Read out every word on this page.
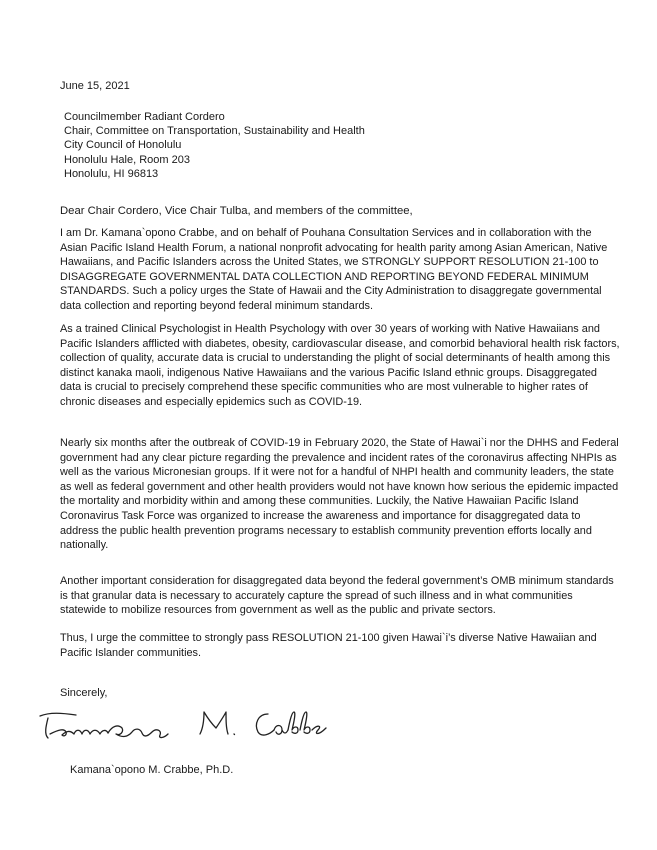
June 15, 2021
Councilmember Radiant Cordero
Chair, Committee on Transportation, Sustainability and Health
City Council of Honolulu
Honolulu Hale, Room 203
Honolulu, HI 96813
Dear Chair Cordero, Vice Chair Tulba, and members of the committee,

I am Dr. Kamana`opono Crabbe, and on behalf of Pouhana Consultation Services and in collaboration with the Asian Pacific Island Health Forum, a national nonprofit advocating for health parity among Asian American, Native Hawaiians, and Pacific Islanders across the United States, we STRONGLY SUPPORT RESOLUTION 21-100 to DISAGGREGATE GOVERNMENTAL DATA COLLECTION AND REPORTING BEYOND FEDERAL MINIMUM STANDARDS. Such a policy urges the State of Hawaii and the City Administration to disaggregate governmental data collection and reporting beyond federal minimum standards.

As a trained Clinical Psychologist in Health Psychology with over 30 years of working with Native Hawaiians and Pacific Islanders afflicted with diabetes, obesity, cardiovascular disease, and comorbid behavioral health risk factors, collection of quality, accurate data is crucial to understanding the plight of social determinants of health among this distinct kanaka maoli, indigenous Native Hawaiians and the various Pacific Island ethnic groups. Disaggregated data is crucial to precisely comprehend these specific communities who are most vulnerable to higher rates of chronic diseases and especially epidemics such as COVID-19.

Nearly six months after the outbreak of COVID-19 in February 2020, the State of Hawai`i nor the DHHS and Federal government had any clear picture regarding the prevalence and incident rates of the coronavirus affecting NHPIs as well as the various Micronesian groups. If it were not for a handful of NHPI health and community leaders, the state as well as federal government and other health providers would not have known how serious the epidemic impacted the mortality and morbidity within and among these communities. Luckily, the Native Hawaiian Pacific Island Coronavirus Task Force was organized to increase the awareness and importance for disaggregated data to address the public health prevention programs necessary to establish community prevention efforts locally and nationally.

Another important consideration for disaggregated data beyond the federal government’s OMB minimum standards is that granular data is necessary to accurately capture the spread of such illness and in what communities statewide to mobilize resources from government as well as the public and private sectors.

Thus, I urge the committee to strongly pass RESOLUTION 21-100 given Hawai`i’s diverse Native Hawaiian and Pacific Islander communities.

Sincerely,
Kamana`opono M. Crabbe, Ph.D.
